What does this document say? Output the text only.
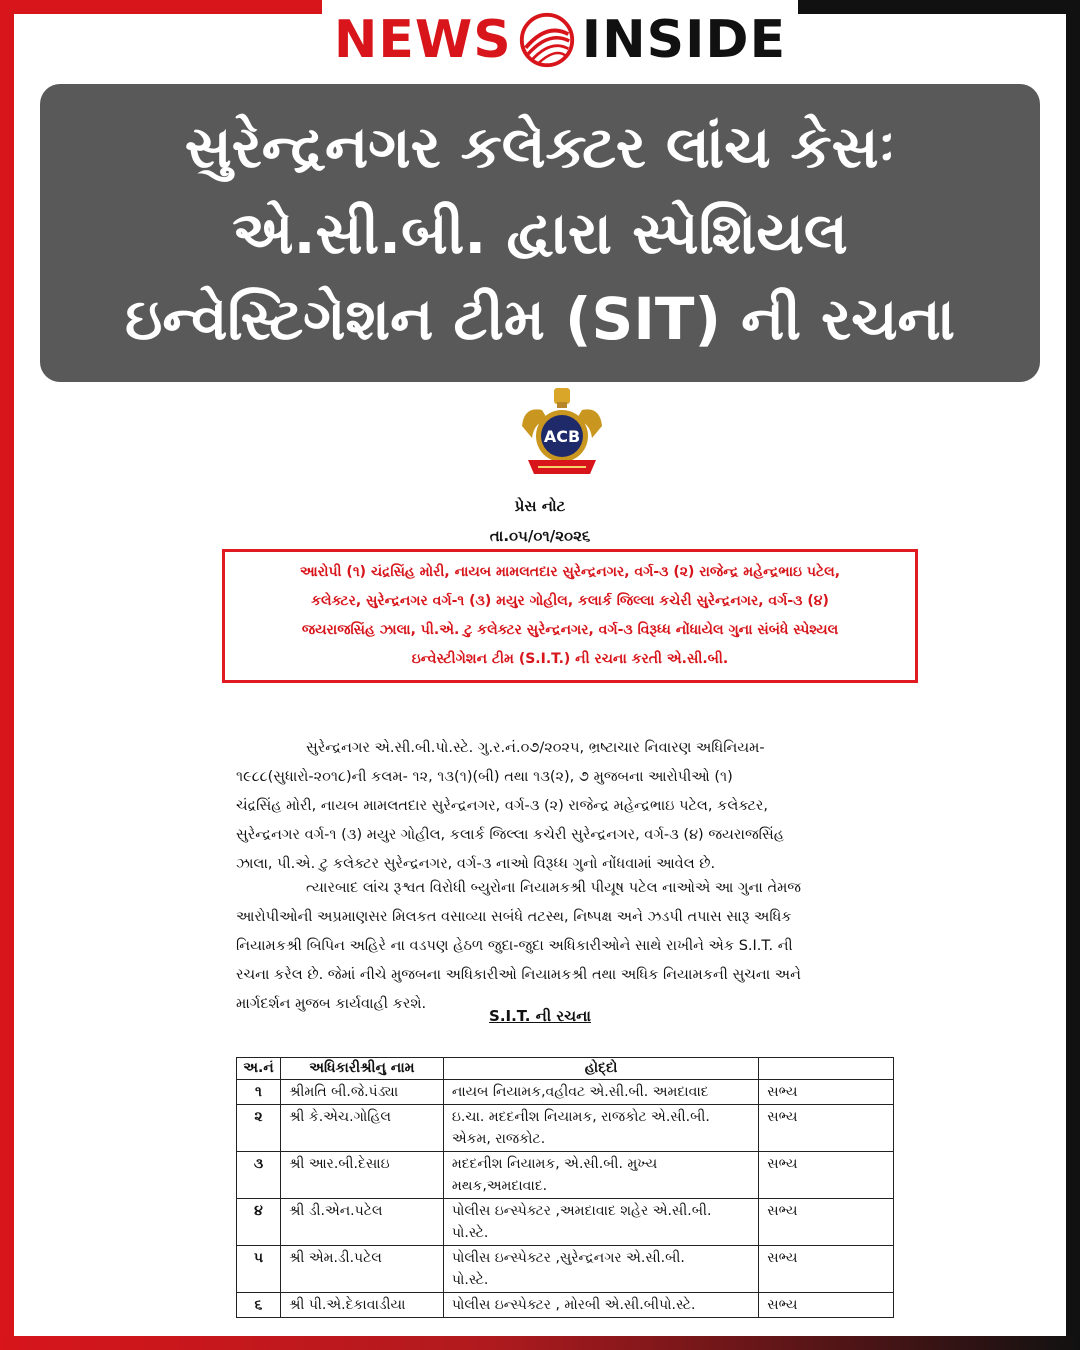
NEWS INSIDE
સુરેન્દ્રનગર કલેક્ટર લાંચ કેસઃ
એ.સી.બી. દ્વારા સ્પેશિયલ
ઇન્વેસ્ટિગેશન ટીમ (SIT) ની રચના
ACB
પ્રેસ નોટ
તા.૦૫/૦૧/૨૦૨૬
આરોપી (૧) ચંદ્રસિંહ મોરી, નાયબ મામલતદાર સુરેન્દ્રનગર, વર્ગ-૩ (૨) રાજેન્દ્ર મહેન્દ્રભાઇ પટેલ,
કલેક્ટર, સુરેન્દ્રનગર વર્ગ-૧ (૩) મયુર ગોહીલ, કલાર્ક જિલ્લા કચેરી સુરેન્દ્રનગર, વર્ગ-૩ (૪)
જયરાજસિંહ ઝાલા, પી.એ. ટુ કલેક્ટર સુરેન્દ્રનગર, વર્ગ-૩ વિરૂધ્ધ નોંધાયેલ ગુના સંબંધે સ્પેશ્યલ
ઇન્વેસ્ટીગેશન ટીમ (S.I.T.) ની રચના કરતી એ.સી.બી.
સુરેન્દ્રનગર એ.સી.બી.પો.સ્ટે. ગુ.ર.નં.૦૭/૨૦૨૫, ભ્રષ્ટાચાર નિવારણ અધિનિયમ-
૧૯૮૮(સુધારો-૨૦૧૮)ની કલમ- ૧૨, ૧૩(૧)(બી) તથા ૧૩(૨), ૭ મુજબના આરોપીઓ (૧)
ચંદ્રસિંહ મોરી, નાયબ મામલતદાર સુરેન્દ્રનગર, વર્ગ-૩ (૨) રાજેન્દ્ર મહેન્દ્રભાઇ પટેલ, કલેક્ટર,
સુરેન્દ્રનગર વર્ગ-૧ (૩) મયુર ગોહીલ, કલાર્ક જિલ્લા કચેરી સુરેન્દ્રનગર, વર્ગ-૩ (૪) જયરાજસિંહ
ઝાલા, પી.એ. ટુ કલેક્ટર સુરેન્દ્રનગર, વર્ગ-૩ નાઓ વિરૂધ્ધ ગુનો નોંધવામાં આવેલ છે.
ત્યારબાદ લાંચ રૂશ્વત વિરોધી બ્યુરોના નિયામકશ્રી પીયૂષ પટેલ નાઓએ આ ગુના તેમજ
આરોપીઓની અપ્રમાણસર મિલકત વસાવ્યા સબંધે તટસ્થ, નિષ્પક્ષ અને ઝડપી તપાસ સારૂ અધિક
નિયામકશ્રી બિપિન અહિરે ના વડપણ હેઠળ જુદા-જુદા અધિકારીઓને સાથે રાખીને એક S.I.T. ની
રચના કરેલ છે. જેમાં નીચે મુજબના અધિકારીઓ નિયામકશ્રી તથા અધિક નિયામકની સુચના અને
માર્ગદર્શન મુજબ કાર્યવાહી કરશે.
S.I.T. ની રચના
અ.નં	અધિકારીશ્રીનુ નામ	હોદ્દો	
૧	શ્રીમતિ બી.જે.પંડ્યા	નાયબ નિયામક,વહીવટ એ.સી.બી. અમદાવાદ	સભ્ય
૨	શ્રી કે.એચ.ગોહિલ	ઇ.ચા. મદદનીશ નિયામક, રાજકોટ એ.સી.બી.
એકમ, રાજકોટ.	સભ્ય
૩	શ્રી આર.બી.દેસાઇ	મદદનીશ નિયામક, એ.સી.બી. મુખ્ય
મથક,અમદાવાદ.	સભ્ય
૪	શ્રી ડી.એન.પટેલ	પોલીસ ઇન્સ્પેક્ટર ,અમદાવાદ શહેર એ.સી.બી.
પો.સ્ટે.	સભ્ય
૫	શ્રી એમ.ડી.પટેલ	પોલીસ ઇન્સ્પેક્ટર ,સુરેન્દ્રનગર એ.સી.બી.
પો.સ્ટે.	સભ્ય
૬	શ્રી પી.એ.દેકાવાડીયા	પોલીસ ઇન્સ્પેક્ટર , મોરબી એ.સી.બીપો.સ્ટે.	સભ્ય
